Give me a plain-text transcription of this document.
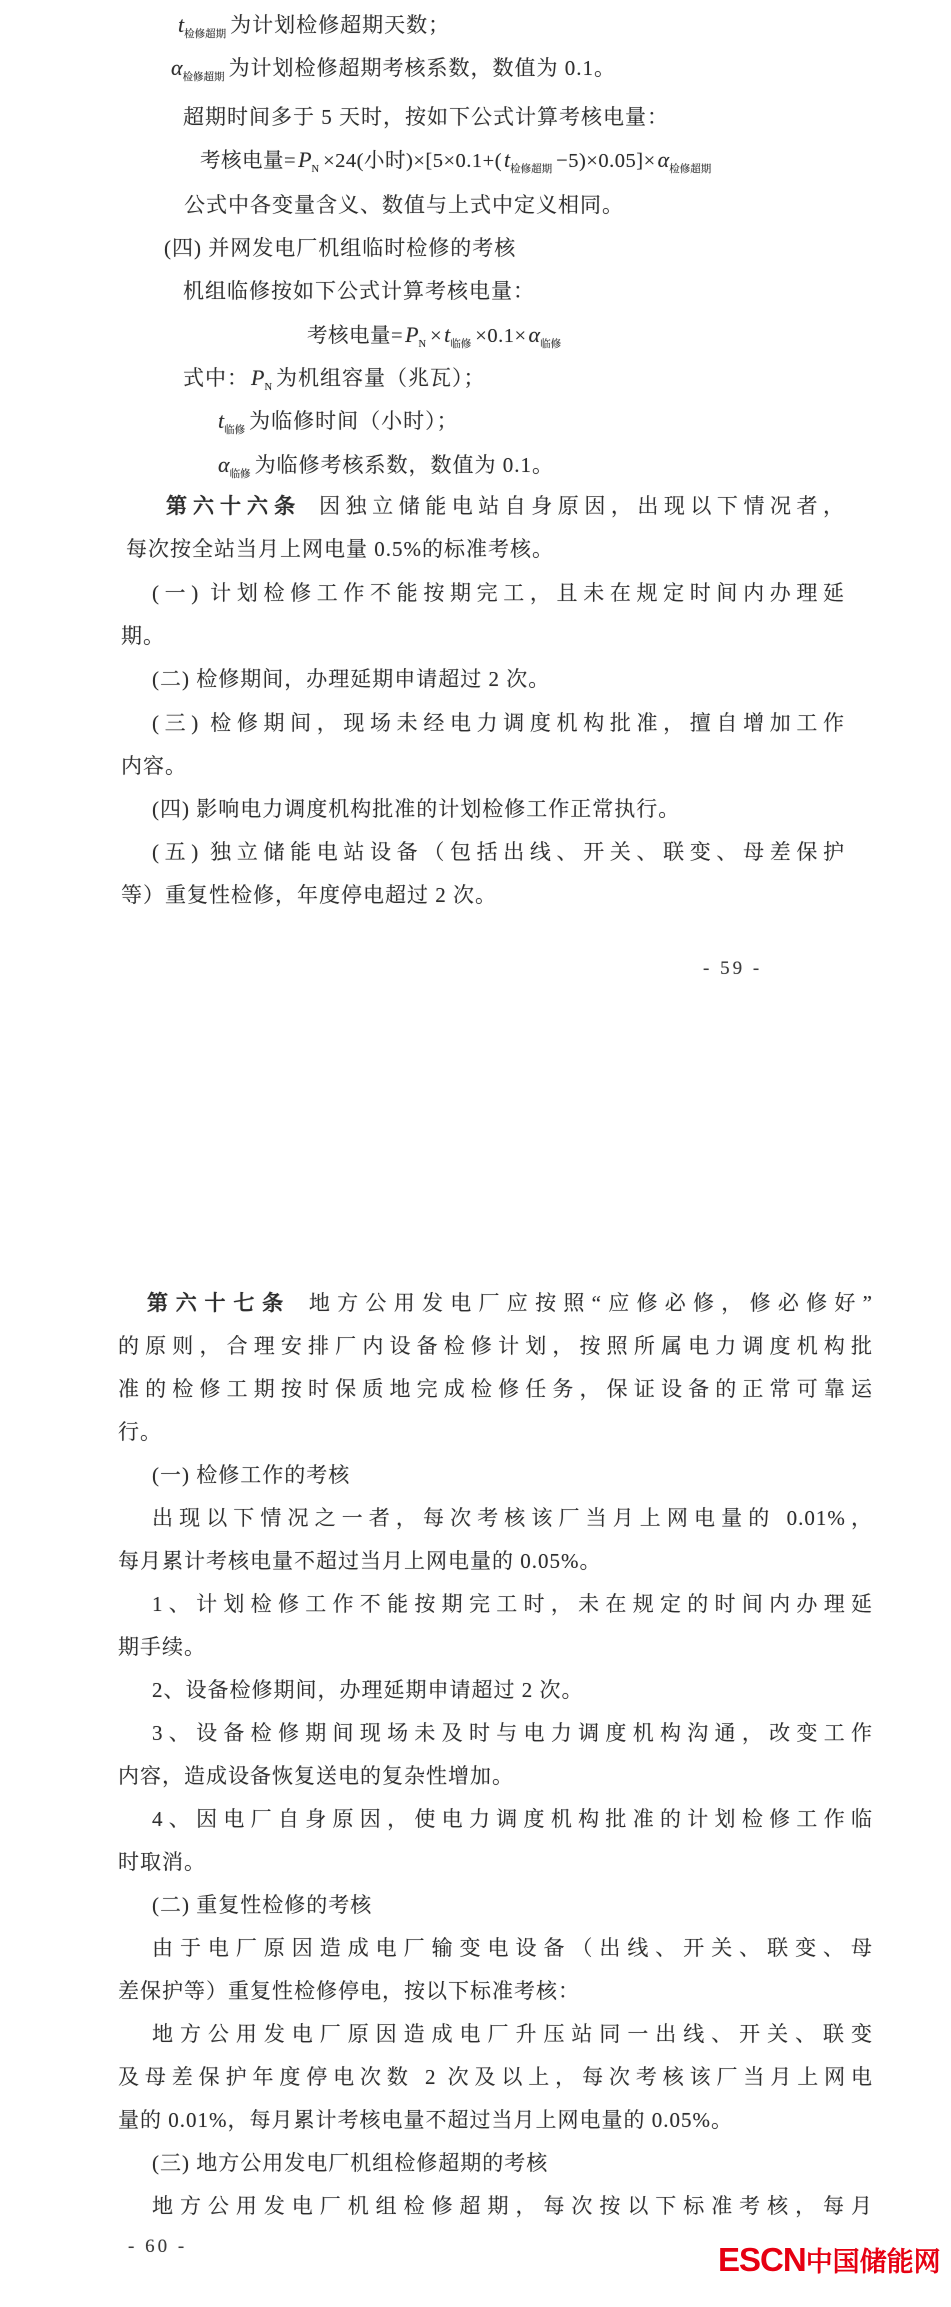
$t_{检修超期}$ 为计划检修超期天数；
$\alpha_{检修超期}$ 为计划检修超期考核系数，数值为 0.1。
超期时间多于 5 天时，按如下公式计算考核电量：
考核电量$=P_N \times 24$(小时)$\times[5\times 0.1+(t_{检修超期} -5)\times 0.05]\times\alpha_{检修超期}$
公式中各变量含义、数值与上式中定义相同。
(四) 并网发电厂机组临时检修的考核
机组临修按如下公式计算考核电量：
考核电量$=P_N \times t_{临修} \times 0.1\times\alpha_{临修}$
式中：$P_N$ 为机组容量（兆瓦）；
$t_{临修}$ 为临修时间（小时）；
$\alpha_{临修}$ 为临修考核系数，数值为 0.1。
第六十六条 因独立储能电站自身原因，出现以下情况者，
每次按全站当月上网电量 0.5%的标准考核。
(一) 计划检修工作不能按期完工，且未在规定时间内办理延
期。
(二) 检修期间，办理延期申请超过 2 次。
(三) 检修期间，现场未经电力调度机构批准，擅自增加工作
内容。
(四) 影响电力调度机构批准的计划检修工作正常执行。
(五) 独立储能电站设备（包括出线、开关、联变、母差保护
等）重复性检修，年度停电超过 2 次。
- 59 -
第六十七条 地方公用发电厂应按照“应修必修，修必修好”
的原则，合理安排厂内设备检修计划，按照所属电力调度机构批
准的检修工期按时保质地完成检修任务，保证设备的正常可靠运
行。
(一) 检修工作的考核
出现以下情况之一者，每次考核该厂当月上网电量的 0.01%，
每月累计考核电量不超过当月上网电量的 0.05%。
1、计划检修工作不能按期完工时，未在规定的时间内办理延
期手续。
2、设备检修期间，办理延期申请超过 2 次。
3、设备检修期间现场未及时与电力调度机构沟通，改变工作
内容，造成设备恢复送电的复杂性增加。
4、因电厂自身原因，使电力调度机构批准的计划检修工作临
时取消。
(二) 重复性检修的考核
由于电厂原因造成电厂输变电设备（出线、开关、联变、母
差保护等）重复性检修停电，按以下标准考核：
地方公用发电厂原因造成电厂升压站同一出线、开关、联变
及母差保护年度停电次数 2 次及以上，每次考核该厂当月上网电
量的 0.01%，每月累计考核电量不超过当月上网电量的 0.05%。
(三) 地方公用发电厂机组检修超期的考核
地方公用发电厂机组检修超期，每次按以下标准考核，每月
- 60 -	ESCN中国储能网
